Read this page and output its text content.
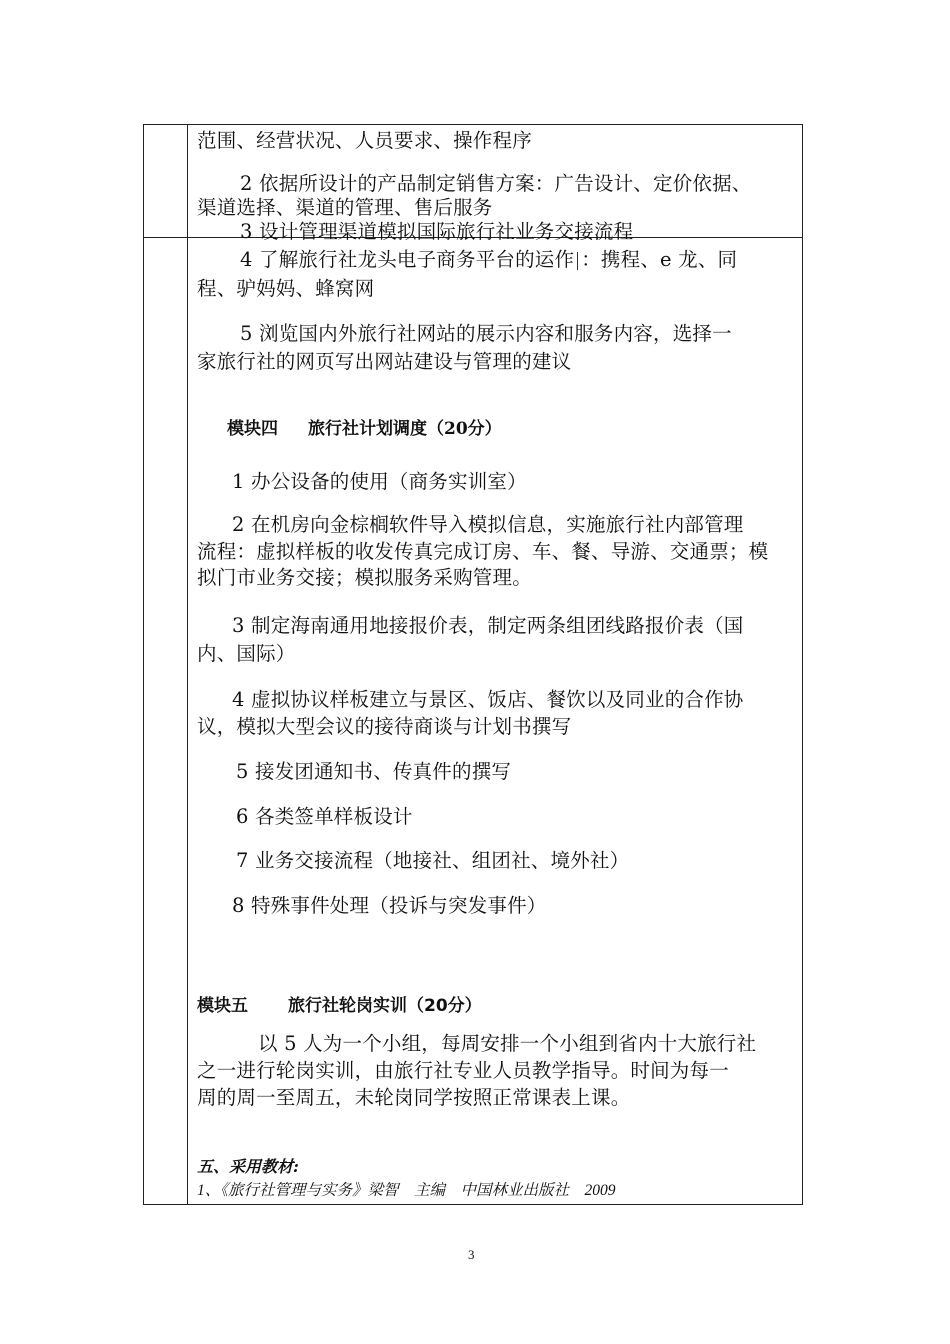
范围、经营状况、人员要求、操作程序
2 依据所设计的产品制定销售方案：广告设计、定价依据、
渠道选择、渠道的管理、售后服务
3 设计管理渠道模拟国际旅行社业务交接流程
4 了解旅行社龙头电子商务平台的运作 ：携程、e 龙、同
程、驴妈妈、蜂窝网
5 浏览国内外旅行社网站的展示内容和服务内容，选择一
家旅行社的网页写出网站建设与管理的建议
模块四 旅行社计划调度（20分）
1 办公设备的使用（商务实训室）
2 在机房向金棕榈软件导入模拟信息，实施旅行社内部管理
流程：虚拟样板的收发传真完成订房、车、餐、导游、交通票；模
拟门市业务交接；模拟服务采购管理。
3 制定海南通用地接报价表，制定两条组团线路报价表（国
内、国际）
4 虚拟协议样板建立与景区、饭店、餐饮以及同业的合作协
议，模拟大型会议的接待商谈与计划书撰写
5 接发团通知书、传真件的撰写
6 各类签单样板设计
7 业务交接流程（地接社、组团社、境外社）
8 特殊事件处理（投诉与突发事件）
模块五 旅行社轮岗实训（20分）
以 5 人为一个小组，每周安排一个小组到省内十大旅行社
之一进行轮岗实训，由旅行社专业人员教学指导。时间为每一
周的周一至周五，未轮岗同学按照正常课表上课。
五、采用教材:
1、《旅行社管理与实务》梁智　主编　中国林业出版社　2009
3
